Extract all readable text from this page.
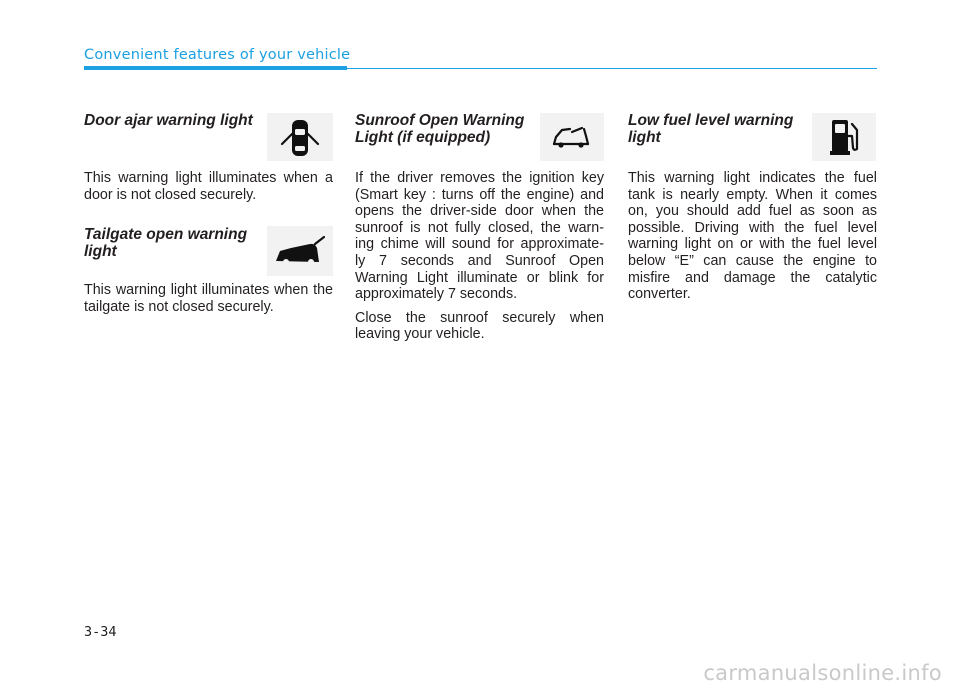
Convenient features of your vehicle
Door ajar warning light

This warning light illuminates when a door is not closed securely.

Tailgate open warning
light

This warning light illuminates when the tailgate is not closed securely.

Sunroof Open Warning
Light (if equipped)

If the driver removes the ignition key (Smart key : turns off the engine) and opens the driver-side door when the sunroof is not fully closed, the warn- ing chime will sound for approximate- ly 7 seconds and Sunroof Open Warning Light illuminate or blink for approximately 7 seconds.

Close the sunroof securely when leaving your vehicle.

Low fuel level warning
light

This warning light indicates the fuel tank is nearly empty. When it comes on, you should add fuel as soon as possible. Driving with the fuel level warning light on or with the fuel level below “E” can cause the engine to misfire and damage the catalytic converter.

3-34
carmanualsonline.info
